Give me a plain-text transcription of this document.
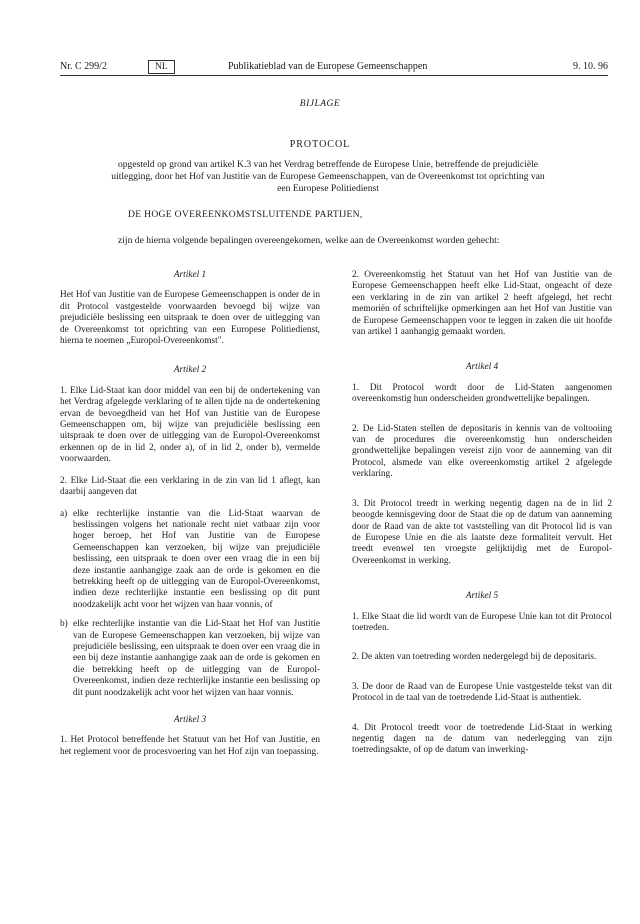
Nr. C 299/2	NL	Publikatieblad van de Europese Gemeenschappen	9. 10. 96

BIJLAGE
PROTOCOL
opgesteld op grond van artikel K.3 van het Verdrag betreffende de Europese Unie, betreffende de prejudiciële uitlegging, door het Hof van Justitie van de Europese Gemeenschappen, van de Overeenkomst tot oprichting van een Europese Politiedienst
DE HOGE OVEREENKOMSTSLUITENDE PARTIJEN,
zijn de hierna volgende bepalingen overeengekomen, welke aan de Overeenkomst worden gehecht:
Artikel 1
Het Hof van Justitie van de Europese Gemeenschappen is onder de in dit Protocol vastgestelde voorwaarden bevoegd bij wijze van prejudiciële beslissing een uitspraak te doen over de uitlegging van de Overeenkomst tot oprichting van een Europese Politiedienst, hierna te noemen „Europol-Overeenkomst".
Artikel 2
1. Elke Lid-Staat kan door middel van een bij de ondertekening van het Verdrag afgelegde verklaring of te allen tijde na de ondertekening ervan de bevoegdheid van het Hof van Justitie van de Europese Gemeenschappen om, bij wijze van prejudiciële beslissing een uitspraak te doen over de uitlegging van de Europol-Overeenkomst erkennen op de in lid 2, onder a), of in lid 2, onder b), vermelde voorwaarden.
2. Elke Lid-Staat die een verklaring in de zin van lid 1 aflegt, kan daarbij aangeven dat
a) elke rechterlijke instantie van die Lid-Staat waarvan de beslissingen volgens het nationale recht niet vatbaar zijn voor hoger beroep, het Hof van Justitie van de Europese Gemeenschappen kan verzoeken, bij wijze van prejudiciële beslissing, een uitspraak te doen over een vraag die in een bij deze instantie aanhangige zaak aan de orde is gekomen en die betrekking heeft op de uitlegging van de Europol-Overeenkomst, indien deze rechterlijke instantie een beslissing op dit punt noodzakelijk acht voor het wijzen van haar vonnis, of
b) elke rechterlijke instantie van die Lid-Staat het Hof van Justitie van de Europese Gemeenschappen kan verzoeken, bij wijze van prejudiciële beslissing, een uitspraak te doen over een vraag die in een bij deze instantie aanhangige zaak aan de orde is gekomen en die betrekking heeft op de uitlegging van de Europol-Overeenkomst, indien deze rechterlijke instantie een beslissing op dit punt noodzakelijk acht voor het wijzen van haar vonnis.
Artikel 3
1. Het Protocol betreffende het Statuut van het Hof van Justitie, en het reglement voor de procesvoering van het Hof zijn van toepassing.
2. Overeenkomstig het Statuut van het Hof van Justitie van de Europese Gemeenschappen heeft elke Lid-Staat, ongeacht of deze een verklaring in de zin van artikel 2 heeft afgelegd, het recht memoriën of schriftelijke opmerkingen aan het Hof van Justitie van de Europese Gemeenschappen voor te leggen in zaken die uit hoofde van artikel 1 aanhangig gemaakt worden.
Artikel 4
1. Dit Protocol wordt door de Lid-Staten aangenomen overeenkomstig hun onderscheiden grondwettelijke bepalingen.
2. De Lid-Staten stellen de depositaris in kennis van de voltooiing van de procedures die overeenkomstig hun onderscheiden grondwettelijke bepalingen vereist zijn voor de aanneming van dit Protocol, alsmede van elke overeenkomstig artikel 2 afgelegde verklaring.
3. Dit Protocol treedt in werking negentig dagen na de in lid 2 beoogde kennisgeving door de Staat die op de datum van aanneming door de Raad van de akte tot vaststelling van dit Protocol lid is van de Europese Unie en die als laatste deze formaliteit vervult. Het treedt evenwel ten vroegste gelijktijdig met de Europol-Overeenkomst in werking.
Artikel 5
1. Elke Staat die lid wordt van de Europese Unie kan tot dit Protocol toetreden.
2. De akten van toetreding worden nedergelegd bij de depositaris.
3. De door de Raad van de Europese Unie vastgestelde tekst van dit Protocol in de taal van de toetredende Lid-Staat is authentiek.
4. Dit Protocol treedt voor de toetredende Lid-Staat in werking negentig dagen na de datum van nederlegging van zijn toetredingsakte, of op de datum van inwerking-
